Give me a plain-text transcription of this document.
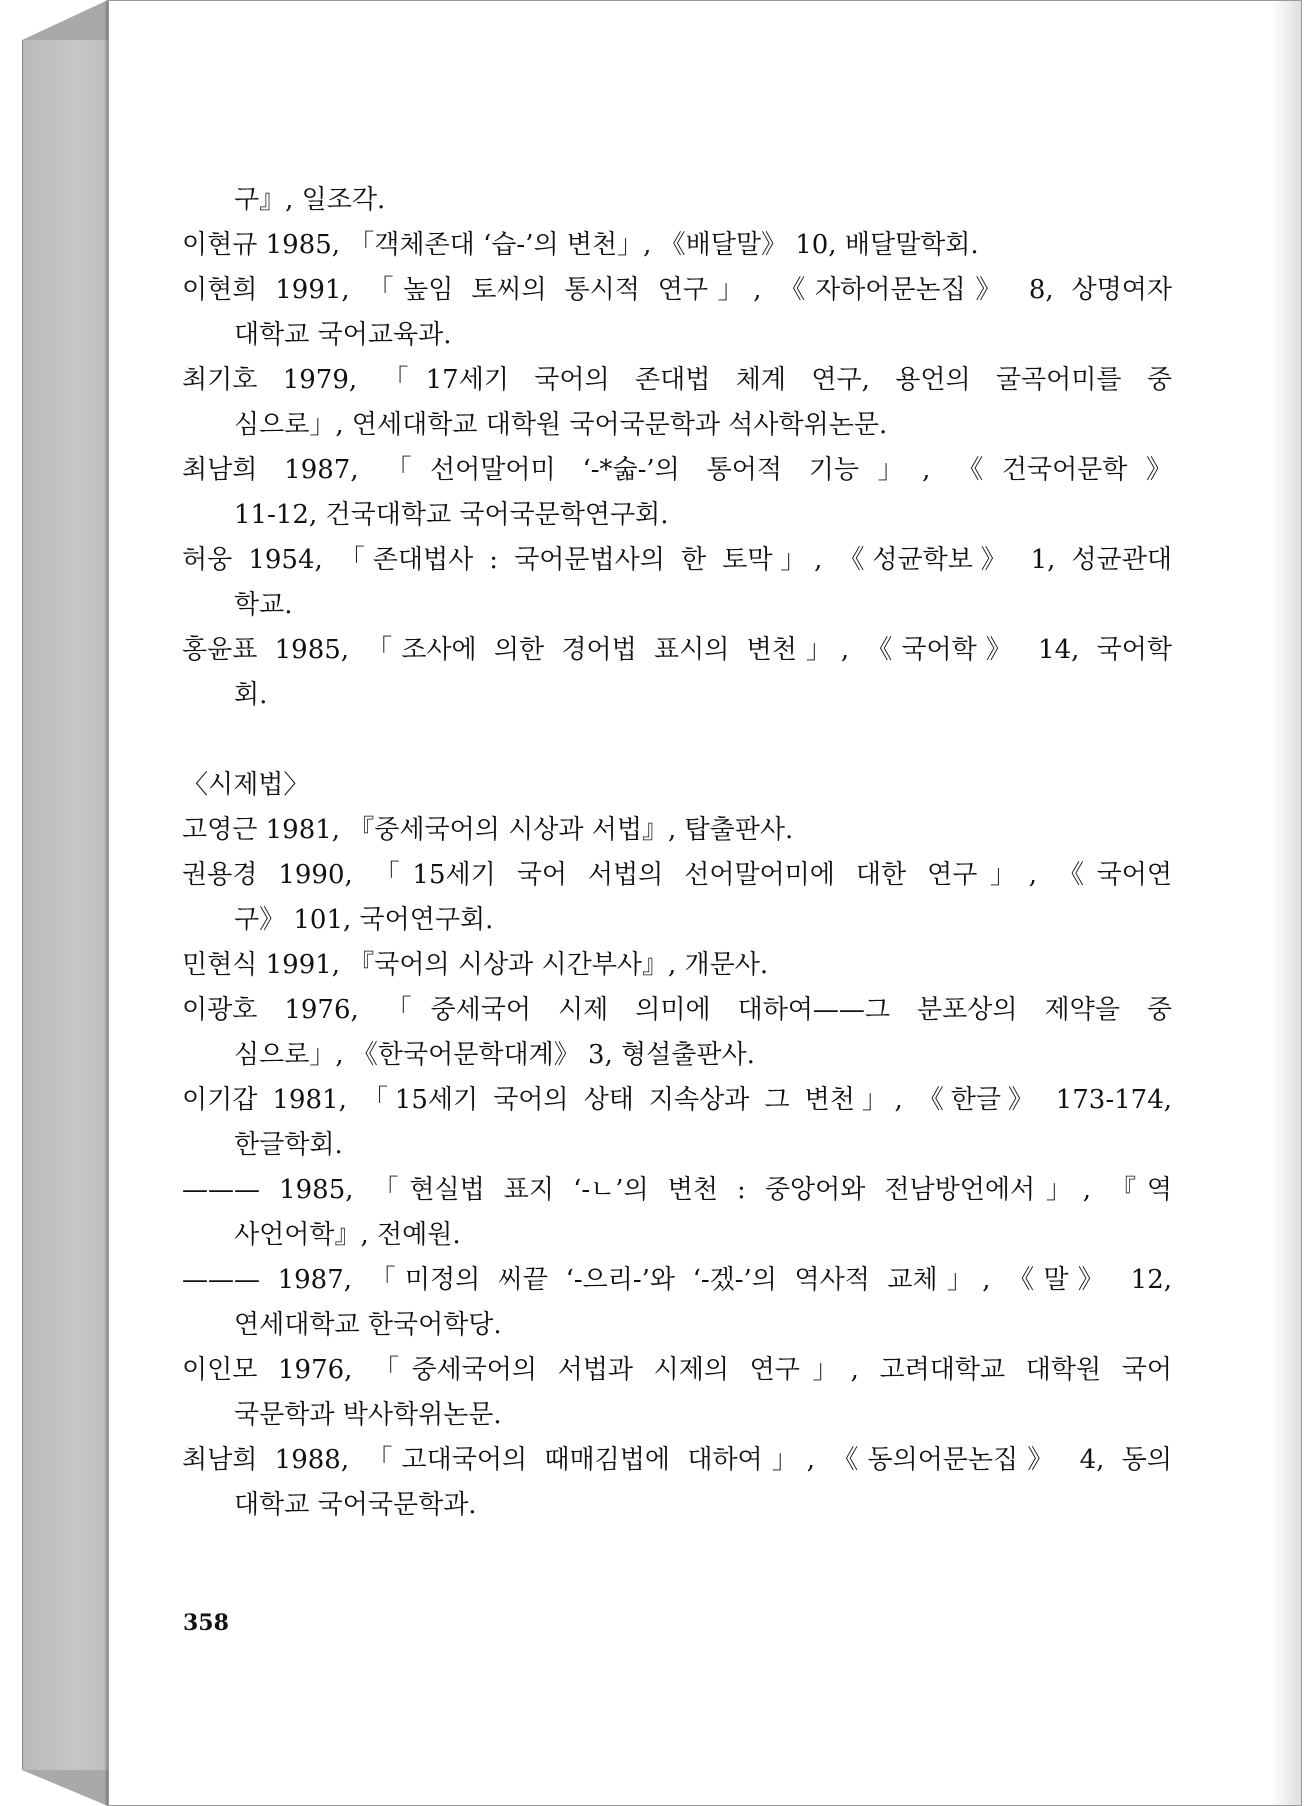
구』, 일조각.
이현규 1985, 「객체존대 ‘습-’의 변천」, 《배달말》 10, 배달말학회.
이현희 1991, 「높임 토씨의 통시적 연구」, 《자하어문논집》 8, 상명여자
대학교 국어교육과.
최기호 1979, 「17세기 국어의 존대법 체계 연구, 용언의 굴곡어미를 중
심으로」, 연세대학교 대학원 국어국문학과 석사학위논문.
최남희 1987, 「선어말어미 ‘-*숣-’의 통어적 기능」, 《건국어문학》
11-12, 건국대학교 국어국문학연구회.
허웅 1954, 「존대법사 : 국어문법사의 한 토막」, 《성균학보》 1, 성균관대
학교.
홍윤표 1985, 「조사에 의한 경어법 표시의 변천」, 《국어학》 14, 국어학
회.
〈시제법〉
고영근 1981, 『중세국어의 시상과 서법』, 탑출판사.
권용경 1990, 「15세기 국어 서법의 선어말어미에 대한 연구」, 《국어연
구》 101, 국어연구회.
민현식 1991, 『국어의 시상과 시간부사』, 개문사.
이광호 1976, 「중세국어 시제 의미에 대하여——그 분포상의 제약을 중
심으로」, 《한국어문학대계》 3, 형설출판사.
이기갑 1981, 「15세기 국어의 상태 지속상과 그 변천」, 《한글》 173-174,
한글학회.
——— 1985, 「현실법 표지 ‘-ㄴ’의 변천 : 중앙어와 전남방언에서」, 『역
사언어학』, 전예원.
——— 1987, 「미정의 씨끝 ‘-으리-’와 ‘-겠-’의 역사적 교체」, 《말》 12,
연세대학교 한국어학당.
이인모 1976, 「중세국어의 서법과 시제의 연구」, 고려대학교 대학원 국어
국문학과 박사학위논문.
최남희 1988, 「고대국어의 때매김법에 대하여」, 《동의어문논집》 4, 동의
대학교 국어국문학과.
358
